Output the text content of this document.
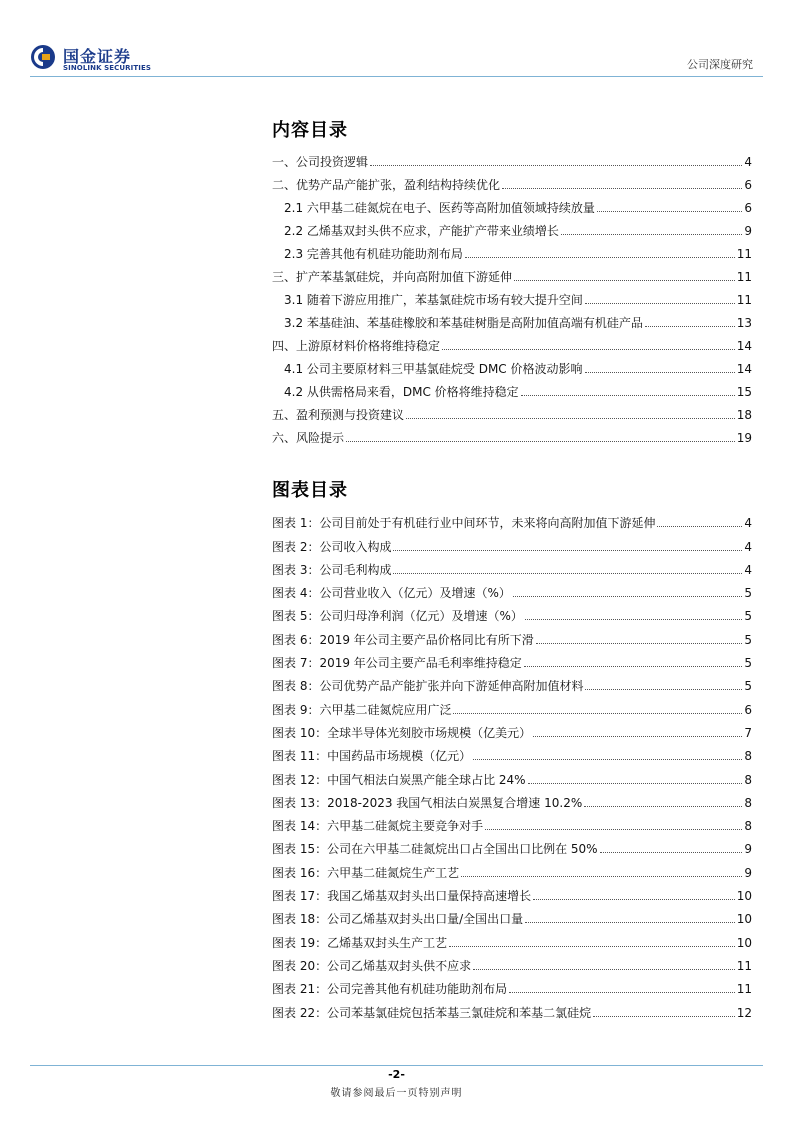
国金证券
SINOLINK SECURITIES	公司深度研究
内容目录
一、公司投资逻辑	4
二、优势产品产能扩张，盈利结构持续优化	6
2.1 六甲基二硅氮烷在电子、医药等高附加值领域持续放量	6
2.2 乙烯基双封头供不应求，产能扩产带来业绩增长	9
2.3 完善其他有机硅功能助剂布局	11
三、扩产苯基氯硅烷，并向高附加值下游延伸	11
3.1 随着下游应用推广，苯基氯硅烷市场有较大提升空间	11
3.2 苯基硅油、苯基硅橡胶和苯基硅树脂是高附加值高端有机硅产品	13
四、上游原材料价格将维持稳定	14
4.1 公司主要原材料三甲基氯硅烷受 DMC 价格波动影响	14
4.2 从供需格局来看，DMC 价格将维持稳定	15
五、盈利预测与投资建议	18
六、风险提示	19
图表目录
图表 1：公司目前处于有机硅行业中间环节，未来将向高附加值下游延伸	4
图表 2：公司收入构成	4
图表 3：公司毛利构成	4
图表 4：公司营业收入（亿元）及增速（%）	5
图表 5：公司归母净利润（亿元）及增速（%）	5
图表 6：2019 年公司主要产品价格同比有所下滑	5
图表 7：2019 年公司主要产品毛利率维持稳定	5
图表 8：公司优势产品产能扩张并向下游延伸高附加值材料	5
图表 9：六甲基二硅氮烷应用广泛	6
图表 10：全球半导体光刻胶市场规模（亿美元）	7
图表 11：中国药品市场规模（亿元）	8
图表 12：中国气相法白炭黑产能全球占比 24%	8
图表 13：2018-2023 我国气相法白炭黑复合增速 10.2%	8
图表 14：六甲基二硅氮烷主要竞争对手	8
图表 15：公司在六甲基二硅氮烷出口占全国出口比例在 50%	9
图表 16：六甲基二硅氮烷生产工艺	9
图表 17：我国乙烯基双封头出口量保持高速增长	10
图表 18：公司乙烯基双封头出口量/全国出口量	10
图表 19：乙烯基双封头生产工艺	10
图表 20：公司乙烯基双封头供不应求	11
图表 21：公司完善其他有机硅功能助剂布局	11
图表 22：公司苯基氯硅烷包括苯基三氯硅烷和苯基二氯硅烷	12
-2-
敬请参阅最后一页特别声明
